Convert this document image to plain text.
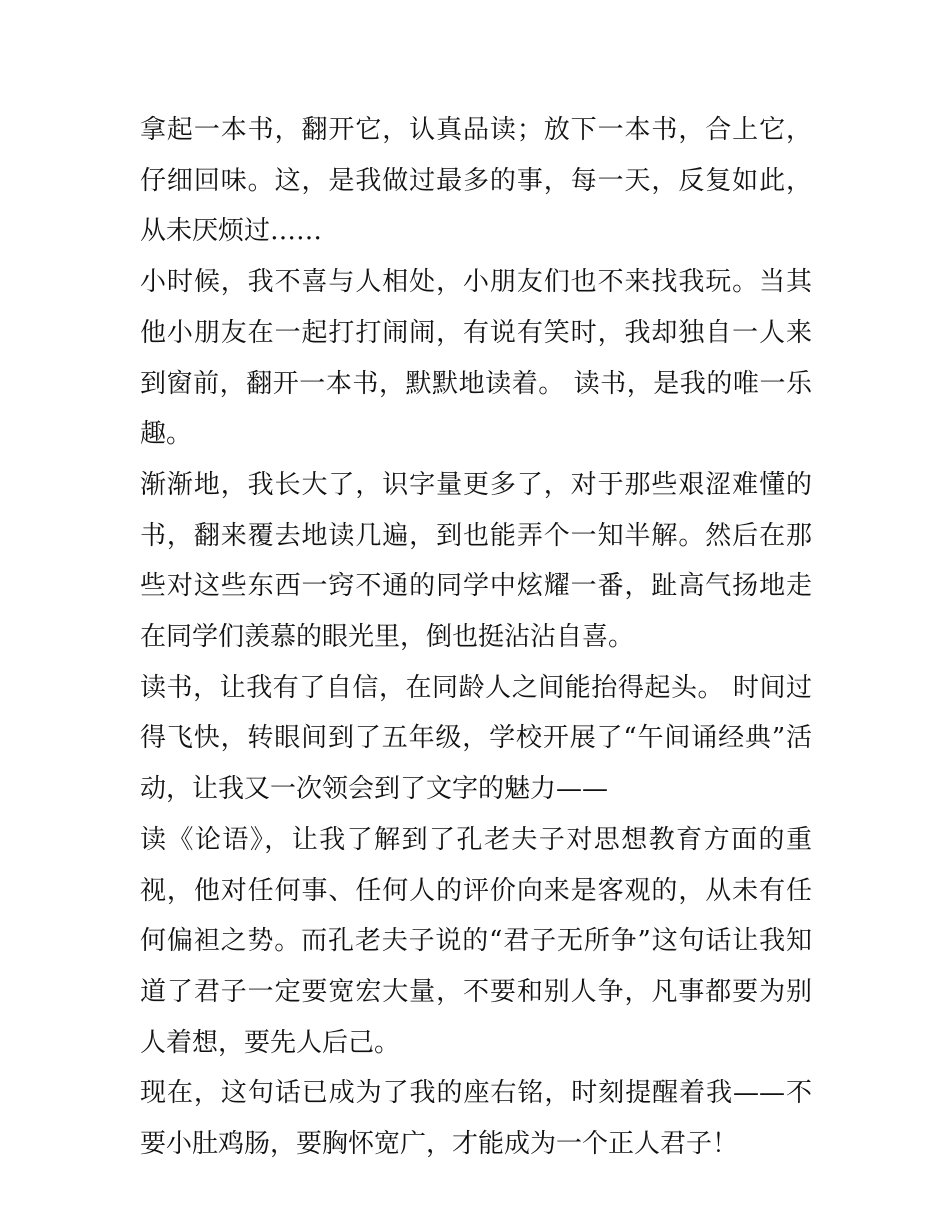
拿起一本书，翻开它，认真品读；放下一本书，合上它，仔细回味。这，是我做过最多的事，每一天，反复如此，从未厌烦过……

小时候，我不喜与人相处，小朋友们也不来找我玩。当其他小朋友在一起打打闹闹，有说有笑时，我却独自一人来到窗前，翻开一本书，默默地读着。 读书，是我的唯一乐趣。

渐渐地，我长大了，识字量更多了，对于那些艰涩难懂的书，翻来覆去地读几遍，到也能弄个一知半解。然后在那些对这些东西一窍不通的同学中炫耀一番，趾高气扬地走在同学们羡慕的眼光里，倒也挺沾沾自喜。

读书，让我有了自信，在同龄人之间能抬得起头。 时间过得飞快，转眼间到了五年级，学校开展了“午间诵经典”活动，让我又一次领会到了文字的魅力——

读《论语》，让我了解到了孔老夫子对思想教育方面的重视，他对任何事、任何人的评价向来是客观的，从未有任何偏袒之势。而孔老夫子说的“君子无所争”这句话让我知道了君子一定要宽宏大量，不要和别人争，凡事都要为别人着想，要先人后己。

现在，这句话已成为了我的座右铭，时刻提醒着我——不要小肚鸡肠，要胸怀宽广，才能成为一个正人君子！
